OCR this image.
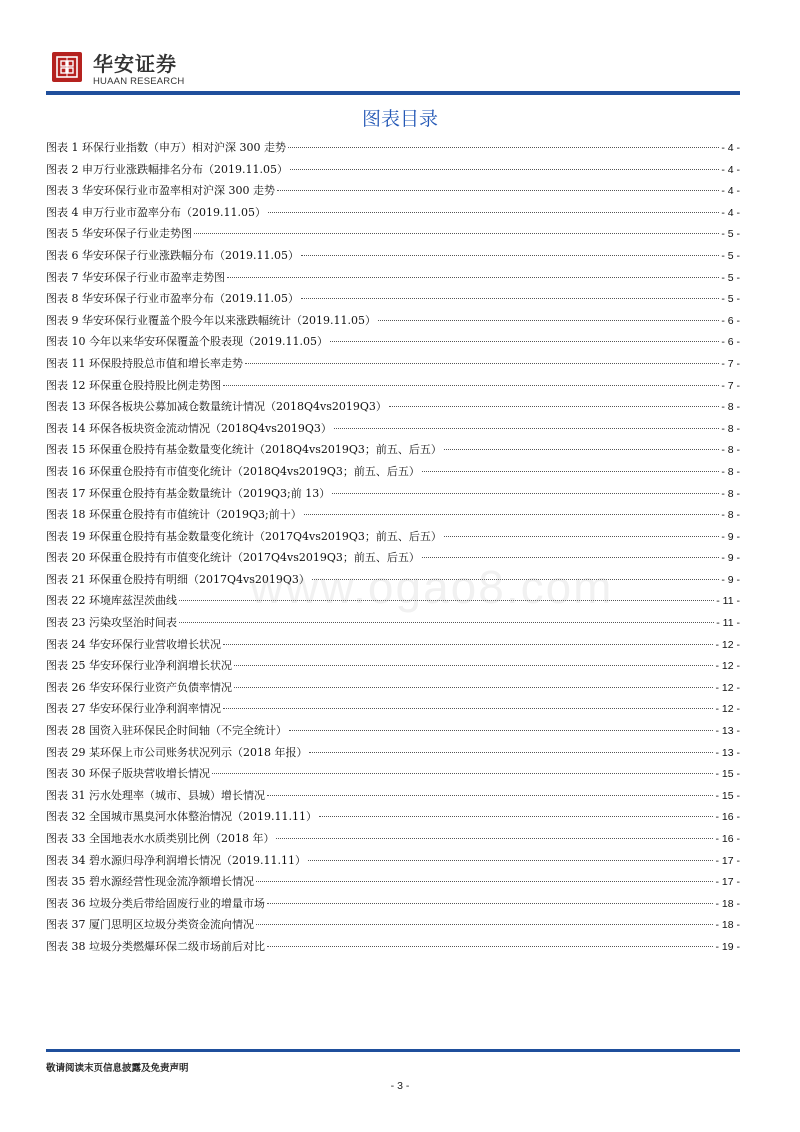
华安证券
HUAAN RESEARCH
图表目录
图表 1 环保行业指数（申万）相对沪深 300 走势	- 4 -
图表 2 申万行业涨跌幅排名分布（2019.11.05）	- 4 -
图表 3 华安环保行业市盈率相对沪深 300 走势	- 4 -
图表 4 申万行业市盈率分布（2019.11.05）	- 4 -
图表 5 华安环保子行业走势图	- 5 -
图表 6 华安环保子行业涨跌幅分布（2019.11.05）	- 5 -
图表 7 华安环保子行业市盈率走势图	- 5 -
图表 8 华安环保子行业市盈率分布（2019.11.05）	- 5 -
图表 9 华安环保行业覆盖个股今年以来涨跌幅统计（2019.11.05）	- 6 -
图表 10 今年以来华安环保覆盖个股表现（2019.11.05）	- 6 -
图表 11 环保股持股总市值和增长率走势	- 7 -
图表 12 环保重仓股持股比例走势图	- 7 -
图表 13 环保各板块公募加减仓数量统计情况（2018Q4vs2019Q3）	- 8 -
图表 14 环保各板块资金流动情况（2018Q4vs2019Q3）	- 8 -
图表 15 环保重仓股持有基金数量变化统计（2018Q4vs2019Q3；前五、后五）	- 8 -
图表 16 环保重仓股持有市值变化统计（2018Q4vs2019Q3；前五、后五）	- 8 -
图表 17 环保重仓股持有基金数量统计（2019Q3;前 13）	- 8 -
图表 18 环保重仓股持有市值统计（2019Q3;前十）	- 8 -
图表 19 环保重仓股持有基金数量变化统计（2017Q4vs2019Q3；前五、后五）	- 9 -
图表 20 环保重仓股持有市值变化统计（2017Q4vs2019Q3；前五、后五）	- 9 -
图表 21 环保重仓股持有明细（2017Q4vs2019Q3）	- 9 -
图表 22 环境库兹涅茨曲线	- 11 -
图表 23 污染攻坚治时间表	- 11 -
图表 24 华安环保行业营收增长状况	- 12 -
图表 25 华安环保行业净利润增长状况	- 12 -
图表 26 华安环保行业资产负债率情况	- 12 -
图表 27 华安环保行业净利润率情况	- 12 -
图表 28 国资入驻环保民企时间轴（不完全统计）	- 13 -
图表 29 某环保上市公司账务状况列示（2018 年报）	- 13 -
图表 30 环保子版块营收增长情况	- 15 -
图表 31 污水处理率（城市、县城）增长情况	- 15 -
图表 32 全国城市黑臭河水体整治情况（2019.11.11）	- 16 -
图表 33 全国地表水水质类别比例（2018 年）	- 16 -
图表 34 碧水源归母净利润增长情况（2019.11.11）	- 17 -
图表 35 碧水源经营性现金流净额增长情况	- 17 -
图表 36 垃圾分类后带给固废行业的增量市场	- 18 -
图表 37 厦门思明区垃圾分类资金流向情况	- 18 -
图表 38 垃圾分类燃爆环保二级市场前后对比	- 19 -
www.ogao8.com
敬请阅读末页信息披露及免责声明
- 3 -
